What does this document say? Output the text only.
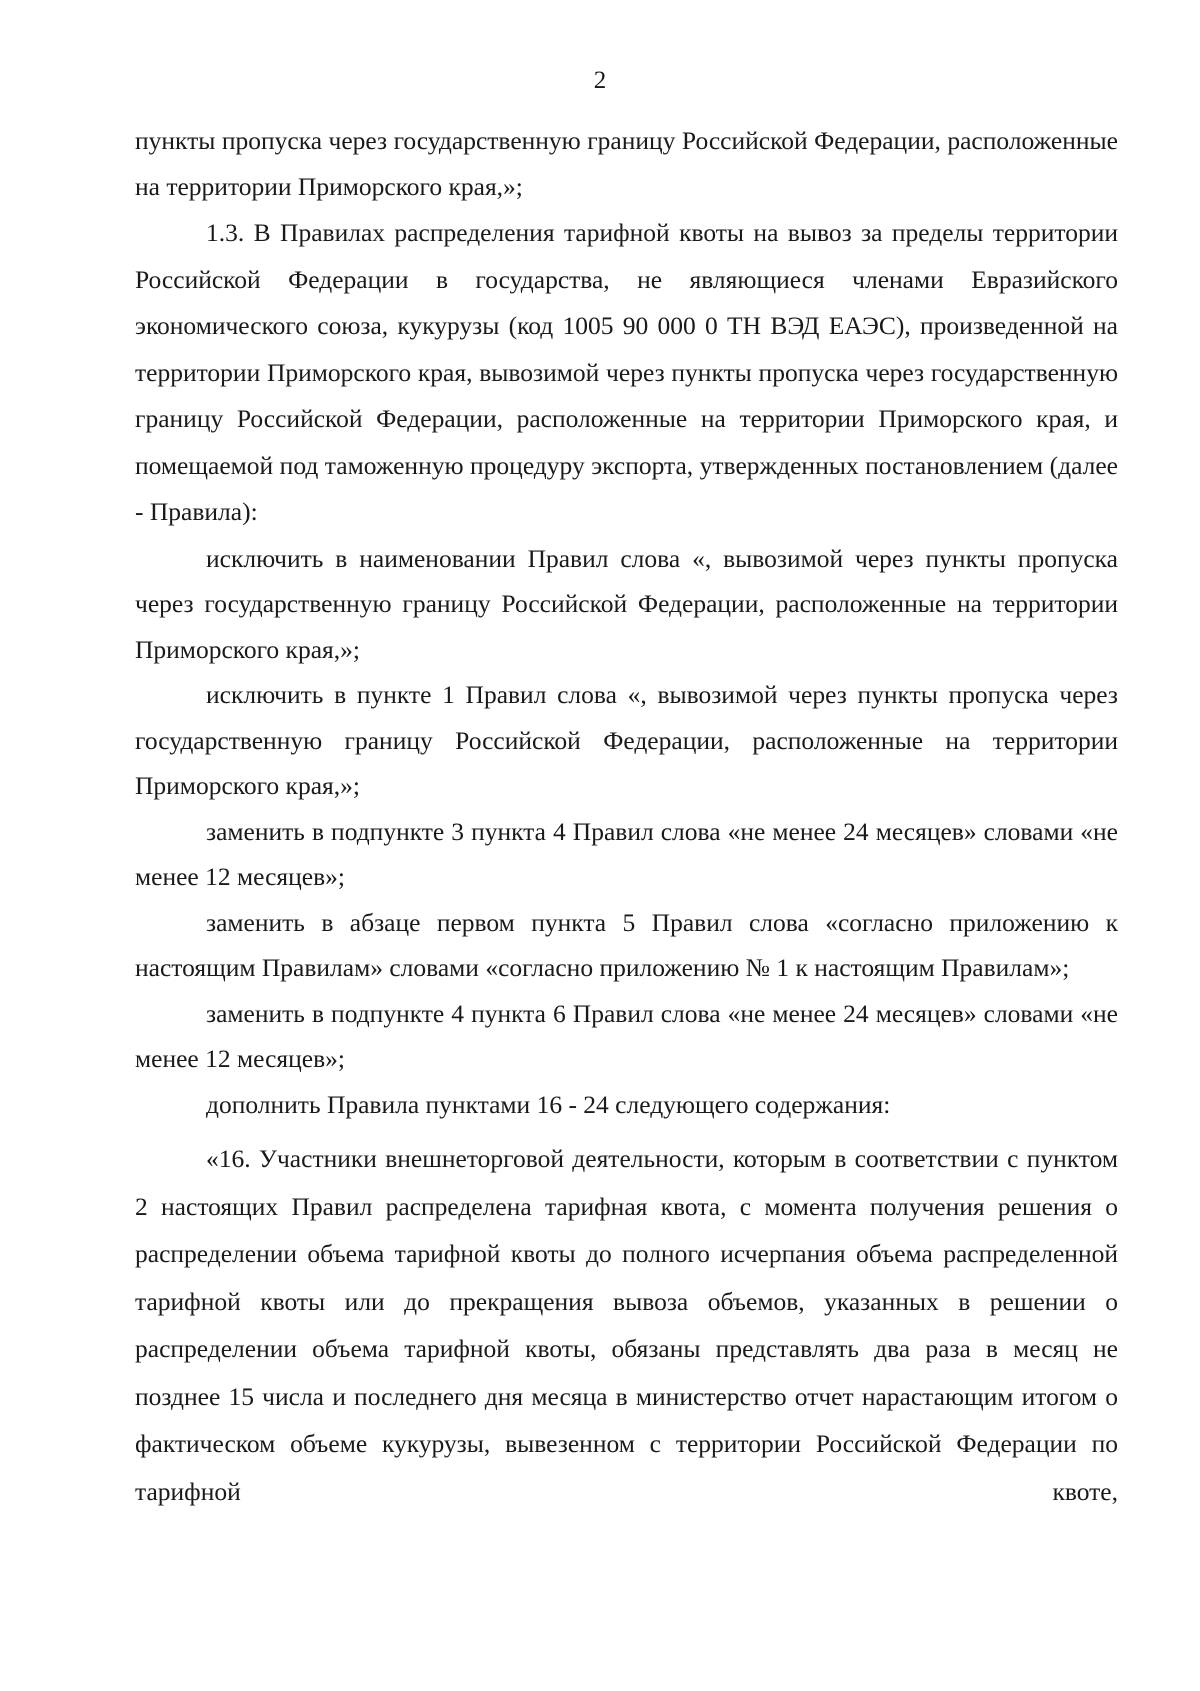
2

пункты пропуска через государственную границу Российской Федерации, расположенные на территории Приморского края,»;

1.3. В Правилах распределения тарифной квоты на вывоз за пределы территории Российской Федерации в государства, не являющиеся членами Евразийского экономического союза, кукурузы (код 1005 90 000 0 ТН ВЭД ЕАЭС), произведенной на территории Приморского края, вывозимой через пункты пропуска через государственную границу Российской Федерации, расположенные на территории Приморского края, и помещаемой под таможенную процедуру экспорта, утвержденных постановлением (далее - Правила):

исключить в наименовании Правил слова «, вывозимой через пункты пропуска через государственную границу Российской Федерации, расположенные на территории Приморского края,»;

исключить в пункте 1 Правил слова «, вывозимой через пункты пропуска через государственную границу Российской Федерации, расположенные на территории Приморского края,»;

заменить в подпункте 3 пункта 4 Правил слова «не менее 24 месяцев» словами «не менее 12 месяцев»;

заменить в абзаце первом пункта 5 Правил слова «согласно приложению к настоящим Правилам» словами «согласно приложению № 1 к настоящим Правилам»;

заменить в подпункте 4 пункта 6 Правил слова «не менее 24 месяцев» словами «не менее 12 месяцев»;

дополнить Правила пунктами 16 - 24 следующего содержания:

«16. Участники внешнеторговой деятельности, которым в соответствии с пунктом 2 настоящих Правил распределена тарифная квота, с момента получения решения о распределении объема тарифной квоты до полного исчерпания объема распределенной тарифной квоты или до прекращения вывоза объемов, указанных в решении о распределении объема тарифной квоты, обязаны представлять два раза в месяц не позднее 15 числа и последнего дня месяца в министерство отчет нарастающим итогом о фактическом объеме кукурузы, вывезенном с территории Российской Федерации по тарифной квоте,
